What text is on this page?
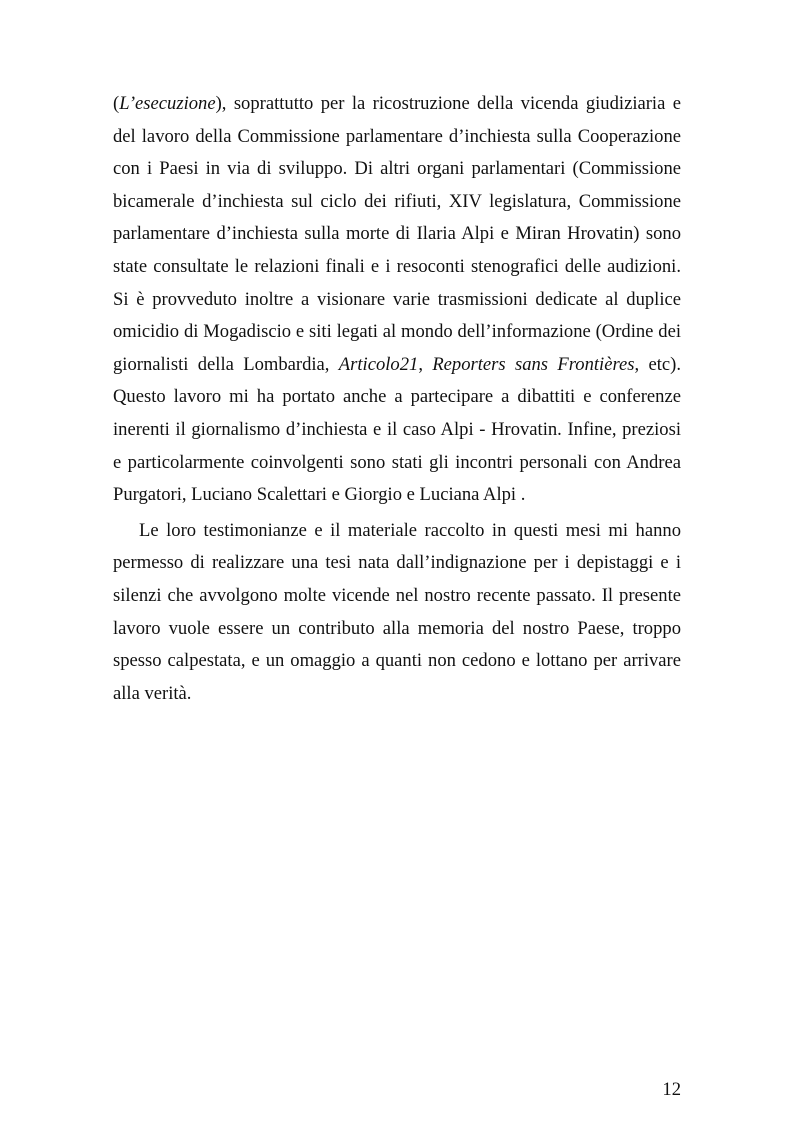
(L’esecuzione), soprattutto per la ricostruzione della vicenda giudiziaria e del lavoro della Commissione parlamentare d’inchiesta sulla Cooperazione con i Paesi in via di sviluppo. Di altri organi parlamentari (Commissione bicamerale d’inchiesta sul ciclo dei rifiuti, XIV legislatura, Commissione parlamentare d’inchiesta sulla morte di Ilaria Alpi e Miran Hrovatin) sono state consultate le relazioni finali e i resoconti stenografici delle audizioni. Si è provveduto inoltre a visionare varie trasmissioni dedicate al duplice omicidio di Mogadiscio e siti legati al mondo dell’informazione (Ordine dei giornalisti della Lombardia, Articolo21, Reporters sans Frontières, etc). Questo lavoro mi ha portato anche a partecipare a dibattiti e conferenze inerenti il giornalismo d’inchiesta e il caso Alpi - Hrovatin. Infine, preziosi e particolarmente coinvolgenti sono stati gli incontri personali con Andrea Purgatori, Luciano Scalettari e Giorgio e Luciana Alpi .

Le loro testimonianze e il materiale raccolto in questi mesi mi hanno permesso di realizzare una tesi nata dall’indignazione per i depistaggi e i silenzi che avvolgono molte vicende nel nostro recente passato. Il presente lavoro vuole essere un contributo alla memoria del nostro Paese, troppo spesso calpestata, e un omaggio a quanti non cedono e lottano per arrivare alla verità.

12
